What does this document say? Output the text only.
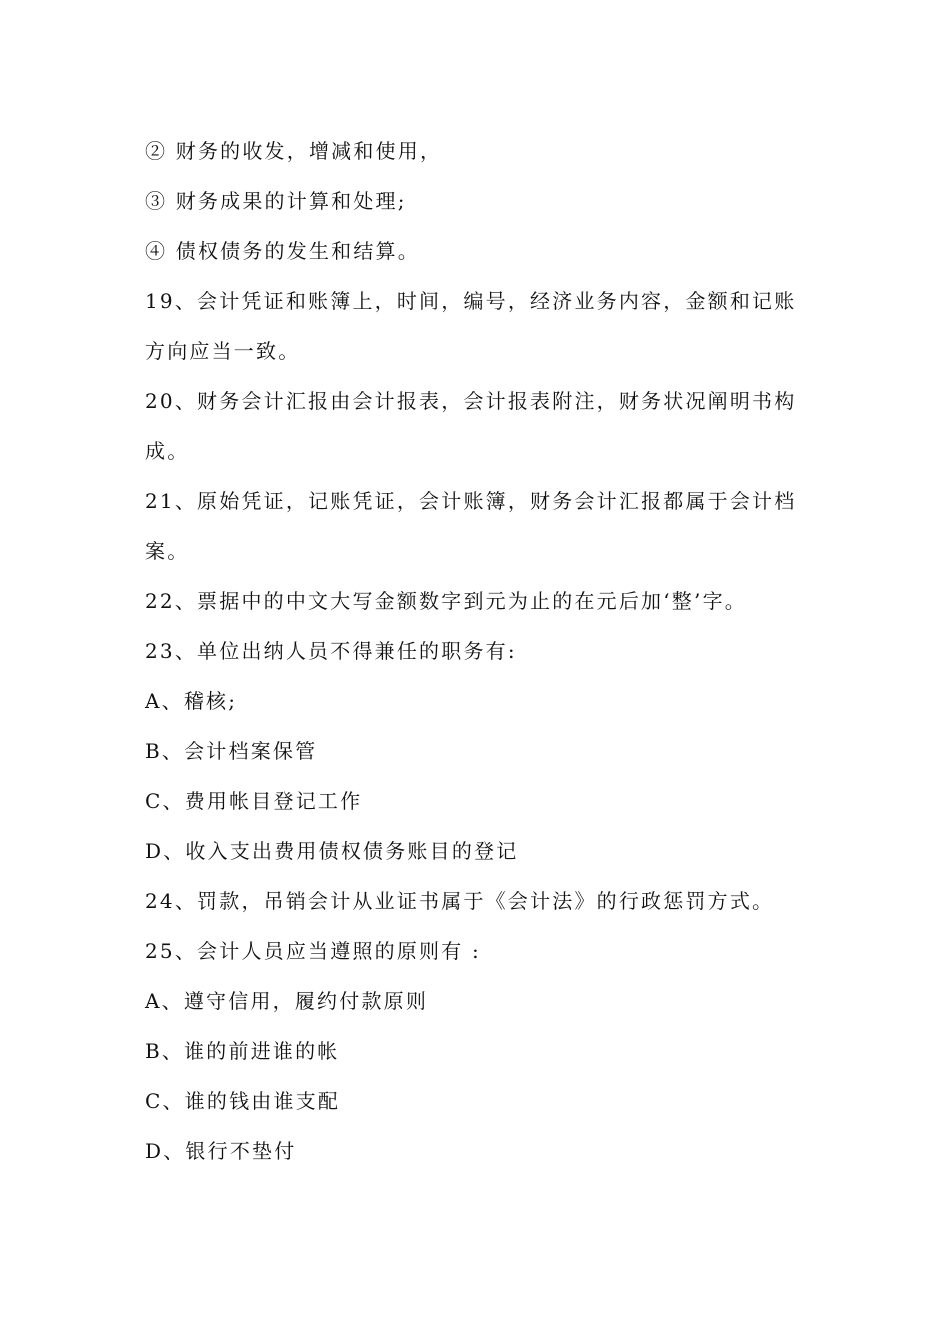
② 财务的收发，增减和使用，
③ 财务成果的计算和处理;
④ 债权债务的发生和结算。
19、会计凭证和账簿上，时间，编号，经济业务内容，金额和记账
方向应当一致。
20、财务会计汇报由会计报表，会计报表附注，财务状况阐明书构
成。
21、原始凭证，记账凭证，会计账簿，财务会计汇报都属于会计档
案。
22、票据中的中文大写金额数字到元为止的在元后加‘整’字。
23、单位出纳人员不得兼任的职务有:
A、稽核;
B、会计档案保管
C、费用帐目登记工作
D、收入支出费用债权债务账目的登记
24、罚款，吊销会计从业证书属于《会计法》的行政惩罚方式。
25、会计人员应当遵照的原则有 :
A、遵守信用，履约付款原则
B、谁的前进谁的帐
C、谁的钱由谁支配
D、银行不垫付
